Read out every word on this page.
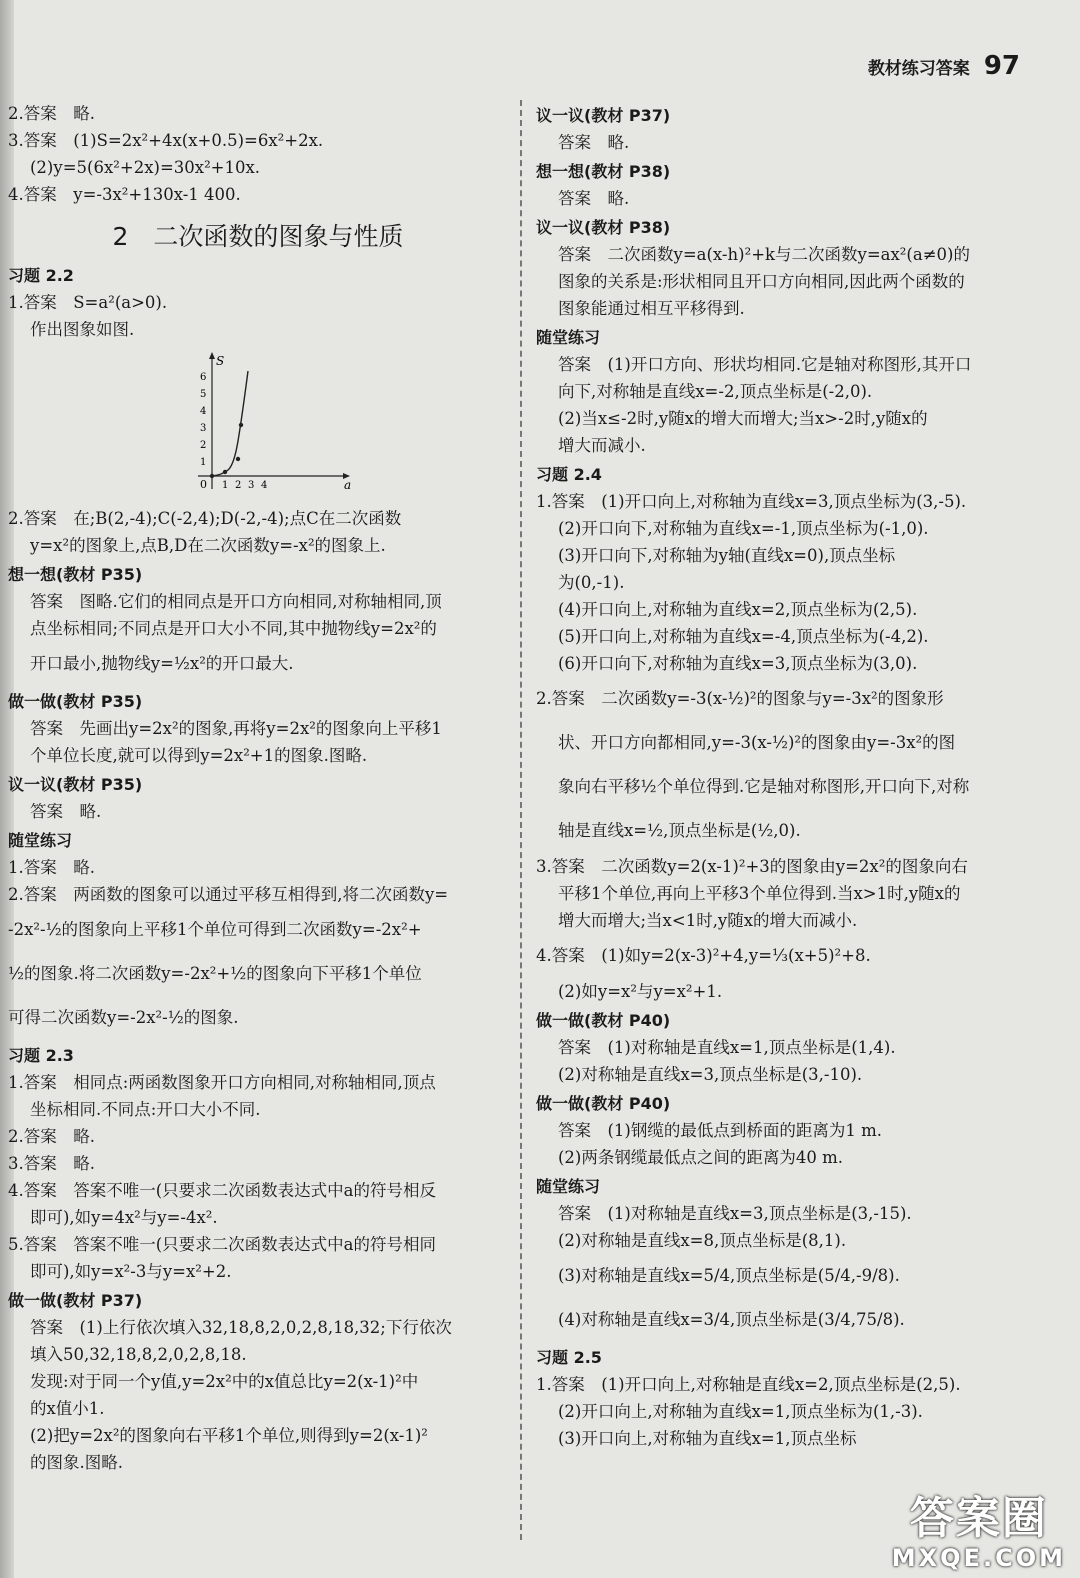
教材练习答案 97
2.答案　略.
3.答案　(1)S=2x²+4x(x+0.5)=6x²+2x.
(2)y=5(6x²+2x)=30x²+10x.
4.答案　y=-3x²+130x-1 400.
2　二次函数的图象与性质
习题 2.2
1.答案　S=a²(a>0).
作出图象如图.
S
a
0
1
2
3
4
5
6
1 2 3 4
2.答案　在;B(2,-4);C(-2,4);D(-2,-4);点C在二次函数
y=x²的图象上,点B,D在二次函数y=-x²的图象上.
想一想(教材 P35)
答案　图略.它们的相同点是开口方向相同,对称轴相同,顶
点坐标相同;不同点是开口大小不同,其中抛物线y=2x²的
开口最小,抛物线y=½x²的开口最大.
做一做(教材 P35)
答案　先画出y=2x²的图象,再将y=2x²的图象向上平移1
个单位长度,就可以得到y=2x²+1的图象.图略.
议一议(教材 P35)
答案　略.
随堂练习
1.答案　略.
2.答案　两函数的图象可以通过平移互相得到,将二次函数y=
-2x²-½的图象向上平移1个单位可得到二次函数y=-2x²+
½的图象.将二次函数y=-2x²+½的图象向下平移1个单位
可得二次函数y=-2x²-½的图象.
习题 2.3
1.答案　相同点:两函数图象开口方向相同,对称轴相同,顶点
坐标相同.不同点:开口大小不同.
2.答案　略.
3.答案　略.
4.答案　答案不唯一(只要求二次函数表达式中a的符号相反
即可),如y=4x²与y=-4x².
5.答案　答案不唯一(只要求二次函数表达式中a的符号相同
即可),如y=x²-3与y=x²+2.
做一做(教材 P37)
答案　(1)上行依次填入32,18,8,2,0,2,8,18,32;下行依次
填入50,32,18,8,2,0,2,8,18.
发现:对于同一个y值,y=2x²中的x值总比y=2(x-1)²中
的x值小1.
(2)把y=2x²的图象向右平移1个单位,则得到y=2(x-1)²
的图象.图略.
议一议(教材 P37)
答案　略.
想一想(教材 P38)
答案　略.
议一议(教材 P38)
答案　二次函数y=a(x-h)²+k与二次函数y=ax²(a≠0)的
图象的关系是:形状相同且开口方向相同,因此两个函数的
图象能通过相互平移得到.
随堂练习
答案　(1)开口方向、形状均相同.它是轴对称图形,其开口
向下,对称轴是直线x=-2,顶点坐标是(-2,0).
(2)当x≤-2时,y随x的增大而增大;当x>-2时,y随x的
增大而减小.
习题 2.4
1.答案　(1)开口向上,对称轴为直线x=3,顶点坐标为(3,-5).
(2)开口向下,对称轴为直线x=-1,顶点坐标为(-1,0).
(3)开口向下,对称轴为y轴(直线x=0),顶点坐标
为(0,-1).
(4)开口向上,对称轴为直线x=2,顶点坐标为(2,5).
(5)开口向上,对称轴为直线x=-4,顶点坐标为(-4,2).
(6)开口向下,对称轴为直线x=3,顶点坐标为(3,0).
2.答案　二次函数y=-3(x-½)²的图象与y=-3x²的图象形
状、开口方向都相同,y=-3(x-½)²的图象由y=-3x²的图
象向右平移½个单位得到.它是轴对称图形,开口向下,对称
轴是直线x=½,顶点坐标是(½,0).
3.答案　二次函数y=2(x-1)²+3的图象由y=2x²的图象向右
平移1个单位,再向上平移3个单位得到.当x>1时,y随x的
增大而增大;当x<1时,y随x的增大而减小.
4.答案　(1)如y=2(x-3)²+4,y=⅓(x+5)²+8.
(2)如y=x²与y=x²+1.
做一做(教材 P40)
答案　(1)对称轴是直线x=1,顶点坐标是(1,4).
(2)对称轴是直线x=3,顶点坐标是(3,-10).
做一做(教材 P40)
答案　(1)钢缆的最低点到桥面的距离为1 m.
(2)两条钢缆最低点之间的距离为40 m.
随堂练习
答案　(1)对称轴是直线x=3,顶点坐标是(3,-15).
(2)对称轴是直线x=8,顶点坐标是(8,1).
(3)对称轴是直线x=5/4,顶点坐标是(5/4,-9/8).
(4)对称轴是直线x=3/4,顶点坐标是(3/4,75/8).
习题 2.5
1.答案　(1)开口向上,对称轴是直线x=2,顶点坐标是(2,5).
(2)开口向上,对称轴为直线x=1,顶点坐标为(1,-3).
(3)开口向上,对称轴为直线x=1,顶点坐标
答案圈
MXQE.COM
